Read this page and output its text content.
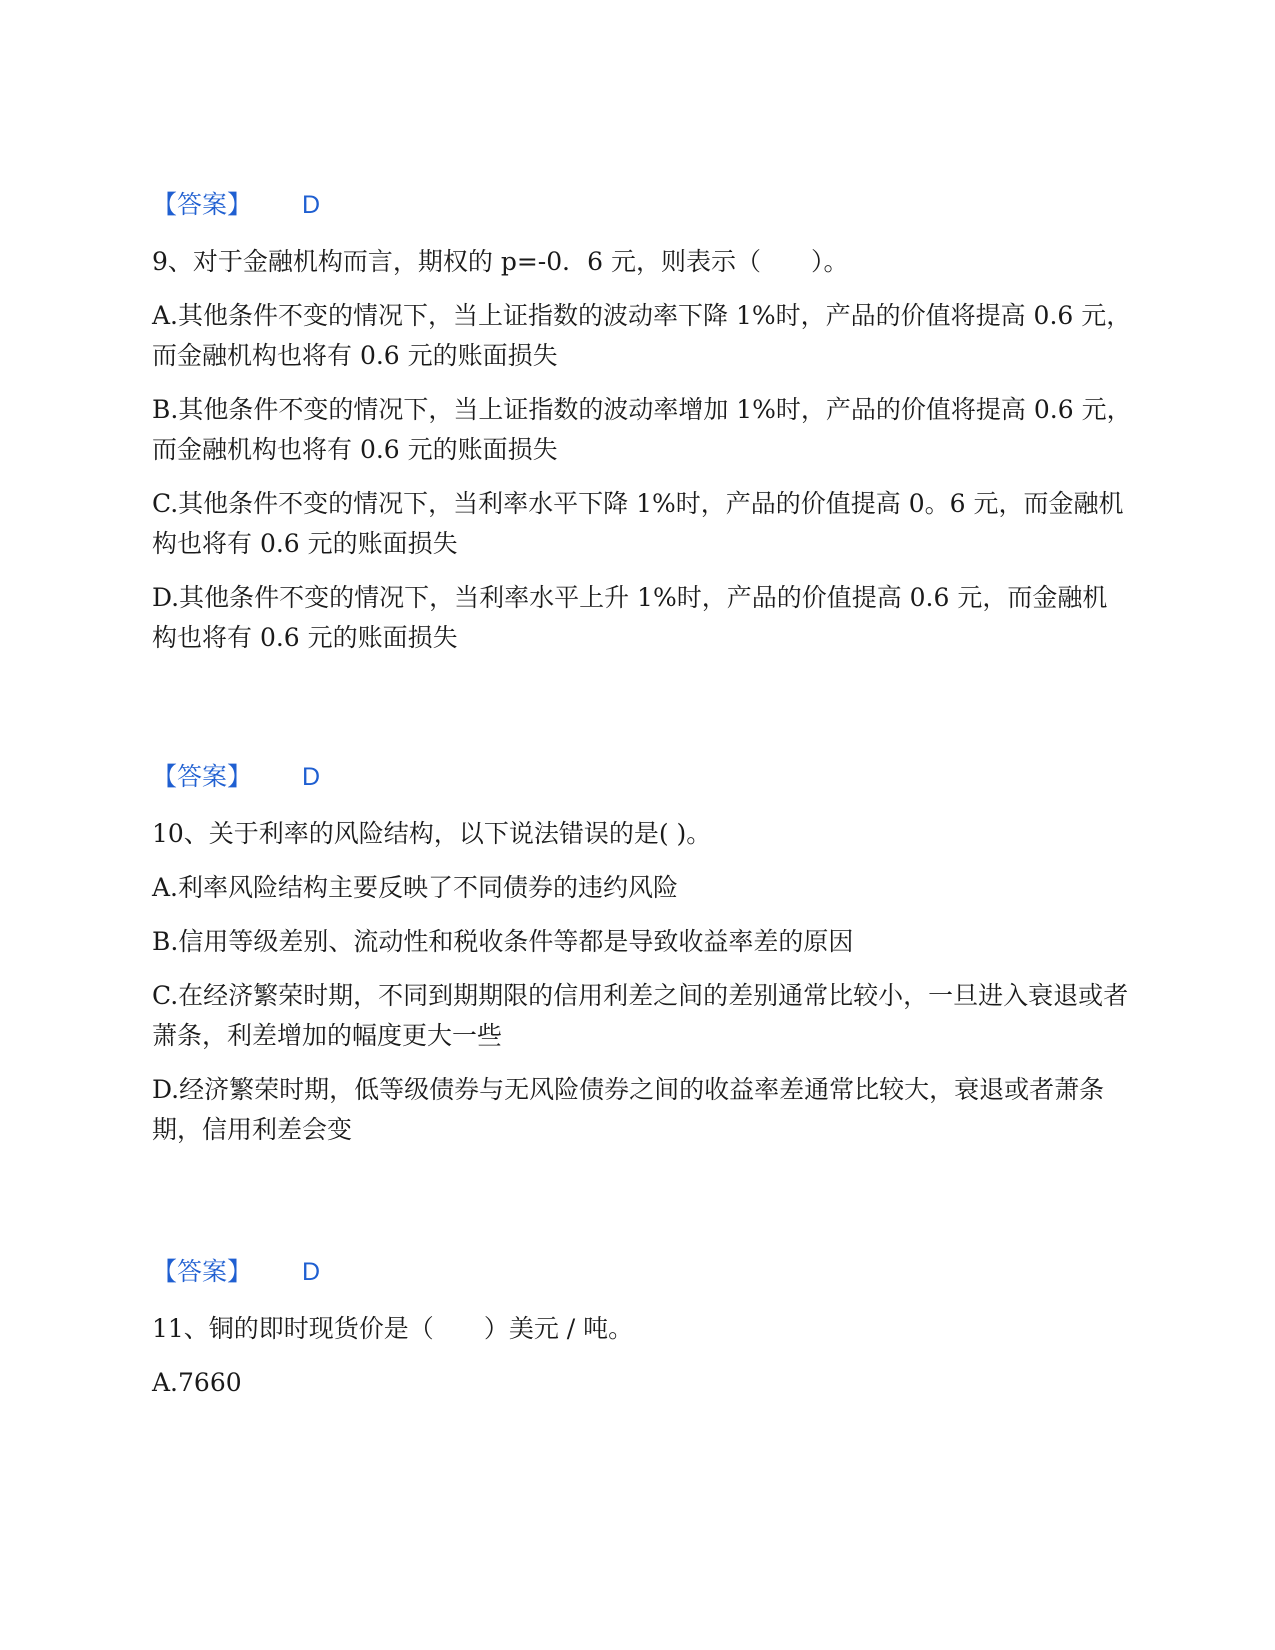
【答案】 D
9、对于金融机构而言，期权的 p=-0．6 元，则表示（　　）。
A.其他条件不变的情况下，当上证指数的波动率下降 1%时，产品的价值将提高 0.6 元，而金融机构也将有 0.6 元的账面损失
B.其他条件不变的情况下，当上证指数的波动率增加 1%时，产品的价值将提高 0.6 元，而金融机构也将有 0.6 元的账面损失
C.其他条件不变的情况下，当利率水平下降 1%时，产品的价值提高 0。6 元，而金融机构也将有 0.6 元的账面损失
D.其他条件不变的情况下，当利率水平上升 1%时，产品的价值提高 0.6 元，而金融机构也将有 0.6 元的账面损失
【答案】 D
10、关于利率的风险结构，以下说法错误的是( )。
A.利率风险结构主要反映了不同债券的违约风险
B.信用等级差别、流动性和税收条件等都是导致收益率差的原因
C.在经济繁荣时期，不同到期期限的信用利差之间的差别通常比较小，一旦进入衰退或者萧条，利差增加的幅度更大一些
D.经济繁荣时期，低等级债券与无风险债券之间的收益率差通常比较大，衰退或者萧条期，信用利差会变
【答案】 D
11、铜的即时现货价是（　　）美元 / 吨。
A.7660
